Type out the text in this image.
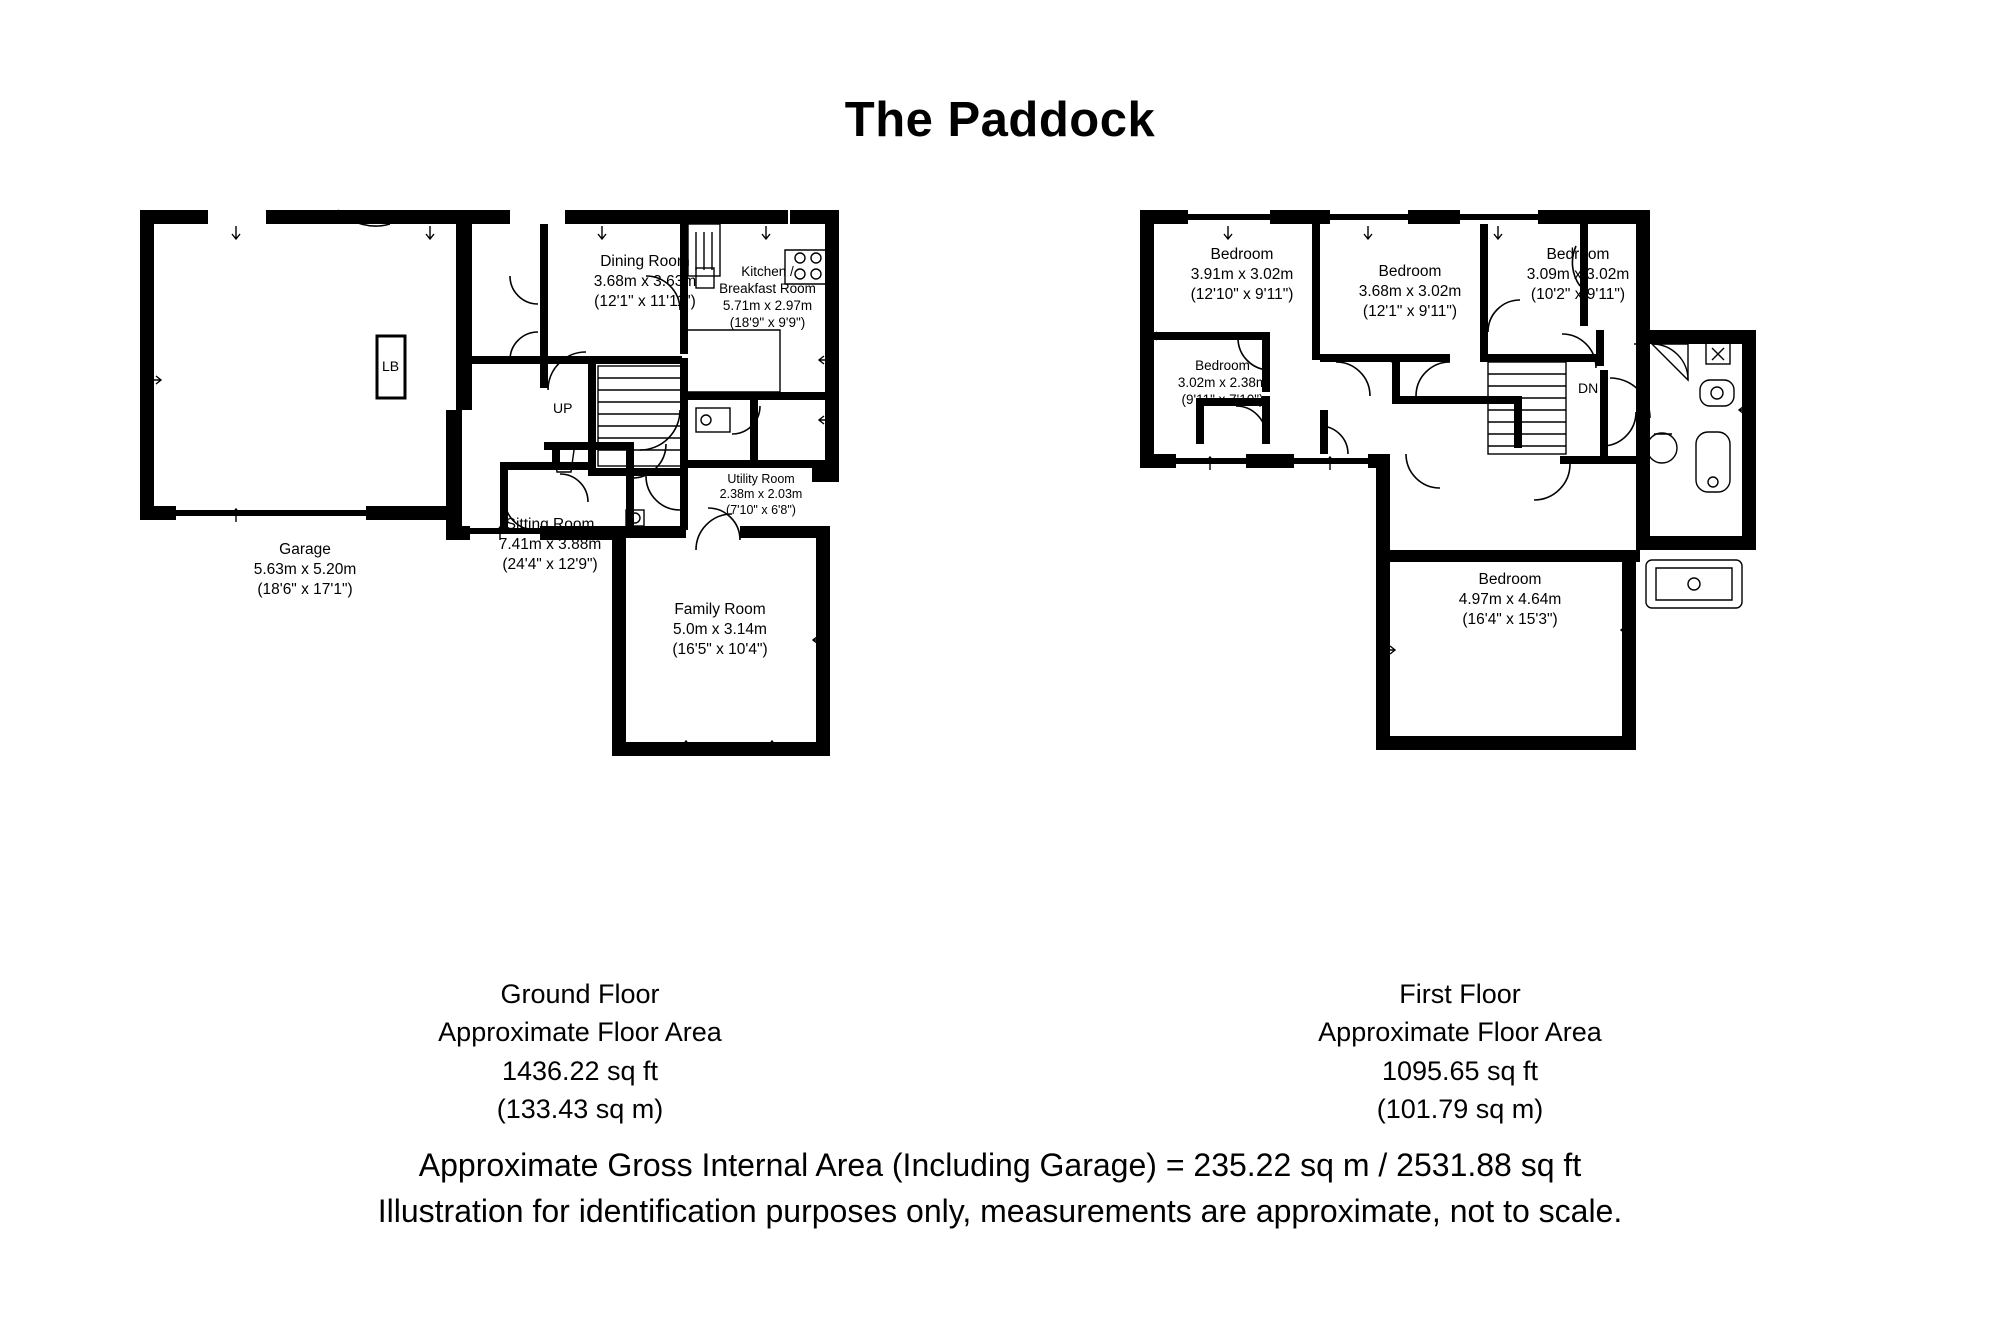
The Paddock
Garage
5.63m x 5.20m
(18'6" x 17'1")
Sitting Room
7.41m x 3.88m
(24'4" x 12'9")
Dining Room
3.68m x 3.63m
(12'1" x 11'11")
Kitchen /
Breakfast Room
5.71m x 2.97m
(18'9" x 9'9")
Utility Room
2.38m x 2.03m
(7'10" x 6'8")
Family Room
5.0m x 3.14m
(16'5" x 10'4")
LB
UP
Bedroom
3.91m x 3.02m
(12'10" x 9'11")
Bedroom
3.68m x 3.02m
(12'1" x 9'11")
Bedroom
3.09m x 3.02m
(10'2" x 9'11")
Bedroom
3.02m x 2.38m
(9'11" x 7'10")
Bedroom
4.97m x 4.64m
(16'4" x 15'3")
DN
Ground Floor
Approximate Floor Area
1436.22 sq ft
(133.43 sq m)
First Floor
Approximate Floor Area
1095.65 sq ft
(101.79 sq m)
Approximate Gross Internal Area (Including Garage) = 235.22 sq m / 2531.88 sq ft
Illustration for identification purposes only, measurements are approximate, not to scale.
